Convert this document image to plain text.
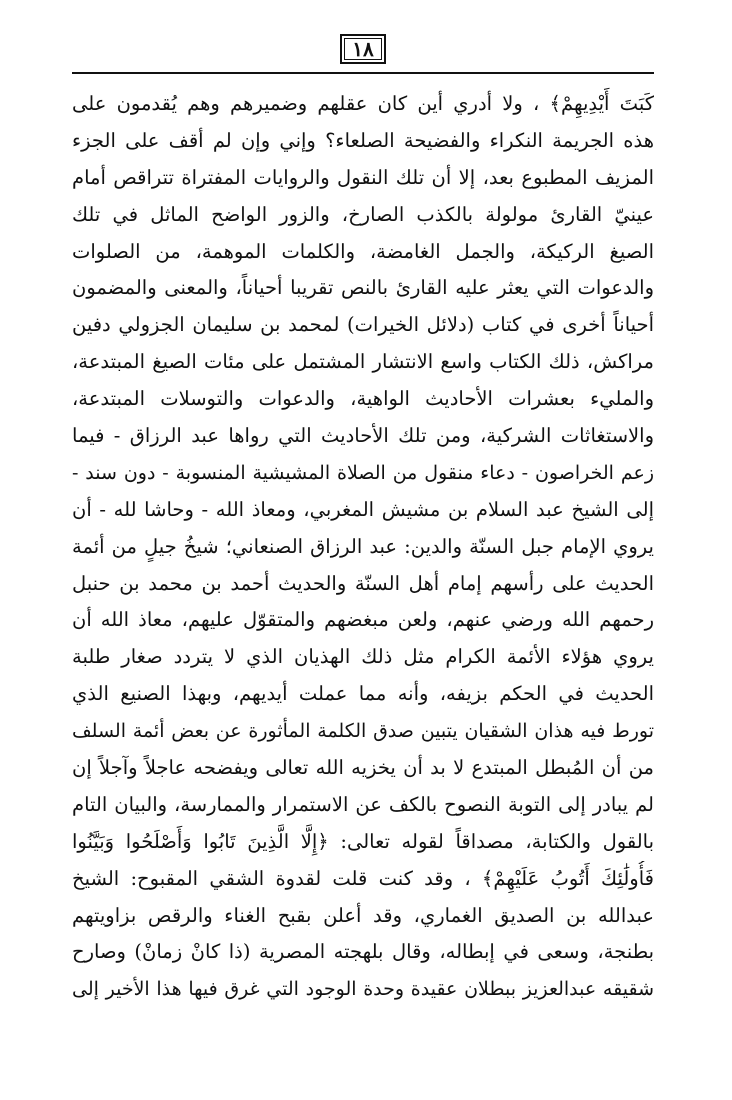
١٨
كَبَتَ أَيْدِيهِمْ﴾ ، ولا أدري أين كان عقلهم وضميرهم وهم يُقدمون على
هذه الجريمة النكراء والفضيحة الصلعاء؟ وإني وإن لم أقف على الجزء
المزيف المطبوع بعد، إلا أن تلك النقول والروايات المفتراة تتراقص أمام
عينيّ القارئ مولولة بالكذب الصارخ، والزور الواضح الماثل في تلك
الصيغ الركيكة، والجمل الغامضة، والكلمات الموهمة، من الصلوات
والدعوات التي يعثر عليه القارئ بالنص تقريبا أحياناً، والمعنى والمضمون
أحياناً أخرى في كتاب (دلائل الخيرات) لمحمد بن سليمان الجزولي دفين
مراكش، ذلك الكتاب واسع الانتشار المشتمل على مئات الصيغ المبتدعة،
والمليء بعشرات الأحاديث الواهية، والدعوات والتوسلات المبتدعة،
والاستغاثات الشركية، ومن تلك الأحاديث التي رواها عبد الرزاق - فيما
زعم الخراصون - دعاء منقول من الصلاة المشيشية المنسوبة - دون سند -
إلى الشيخ عبد السلام بن مشيش المغربي، ومعاذ الله - وحاشا لله - أن
يروي الإمام جبل السنّة والدين: عبد الرزاق الصنعاني؛ شيخُ جيلٍ من أئمة
الحديث على رأسهم إمام أهل السنّة والحديث أحمد بن محمد بن حنبل
رحمهم الله ورضي عنهم، ولعن مبغضهم والمتقوّل عليهم، معاذ الله أن
يروي هؤلاء الأئمة الكرام مثل ذلك الهذيان الذي لا يتردد صغار طلبة
الحديث في الحكم بزيفه، وأنه مما عملت أيديهم، وبهذا الصنيع الذي
تورط فيه هذان الشقيان يتبين صدق الكلمة المأثورة عن بعض أئمة السلف
من أن المُبطل المبتدع لا بد أن يخزيه الله تعالى ويفضحه عاجلاً وآجلاً إن
لم يبادر إلى التوبة النصوح بالكف عن الاستمرار والممارسة، والبيان التام
بالقول والكتابة، مصداقاً لقوله تعالى: ﴿إِلَّا الَّذِينَ تَابُوا وَأَصْلَحُوا وَبَيَّنُوا
فَأُولَٰئِكَ أَتُوبُ عَلَيْهِمْ﴾ ، وقد كنت قلت لقدوة الشقي المقبوح: الشيخ
عبدالله بن الصديق الغماري، وقد أعلن بقبح الغناء والرقص بزاويتهم
بطنجة، وسعى في إبطاله، وقال بلهجته المصرية (ذا كانْ زمانْ) وصارح
شقيقه عبدالعزيز ببطلان عقيدة وحدة الوجود التي غرق فيها هذا الأخير إلى
